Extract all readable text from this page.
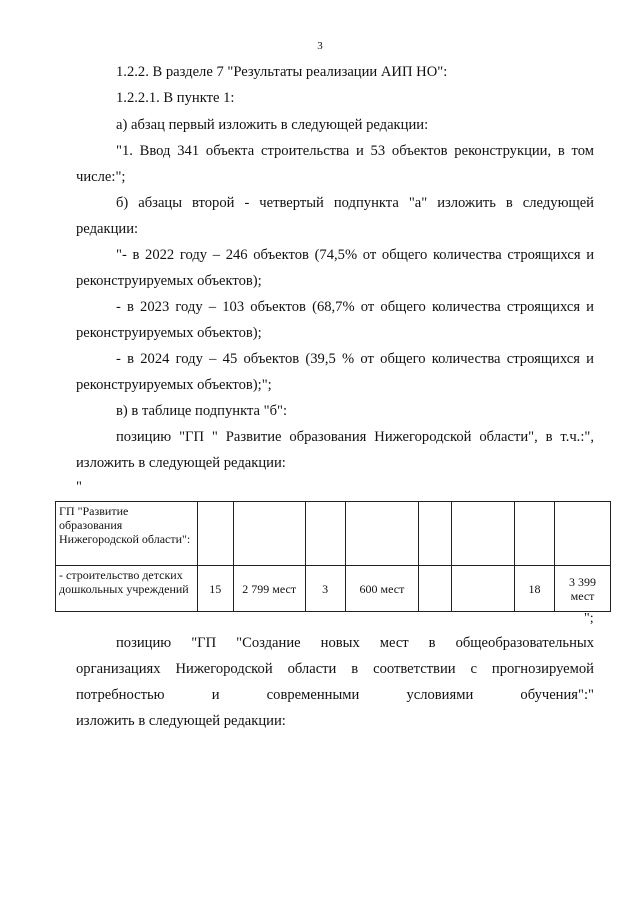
3
1.2.2. В разделе 7 "Результаты реализации АИП НО":
1.2.2.1. В пункте 1:
а) абзац первый изложить в следующей редакции:
"1. Ввод 341 объекта строительства и 53 объектов реконструкции, в том
числе:";
б) абзацы второй - четвертый подпункта "а" изложить в следующей
редакции:
"- в 2022 году – 246 объектов (74,5% от общего количества строящихся и
реконструируемых объектов);
- в 2023 году – 103 объектов (68,7% от общего количества строящихся и
реконструируемых объектов);
- в 2024 году – 45 объектов (39,5 % от общего количества строящихся и
реконструируемых объектов);";
в) в таблице подпункта "б":
позицию "ГП " Развитие образования Нижегородской области", в т.ч.:",
изложить в следующей редакции:
"
ГП "Развитие образования Нижегородской области":								
- строительство детских дошкольных учреждений	15	2 799 мест	3	600 мест			18	3 399 мест
";
позицию "ГП "Создание новых мест в общеобразовательных
организациях Нижегородской области в соответствии с прогнозируемой
потребностью и современными условиями обучения":"
изложить в следующей редакции:
